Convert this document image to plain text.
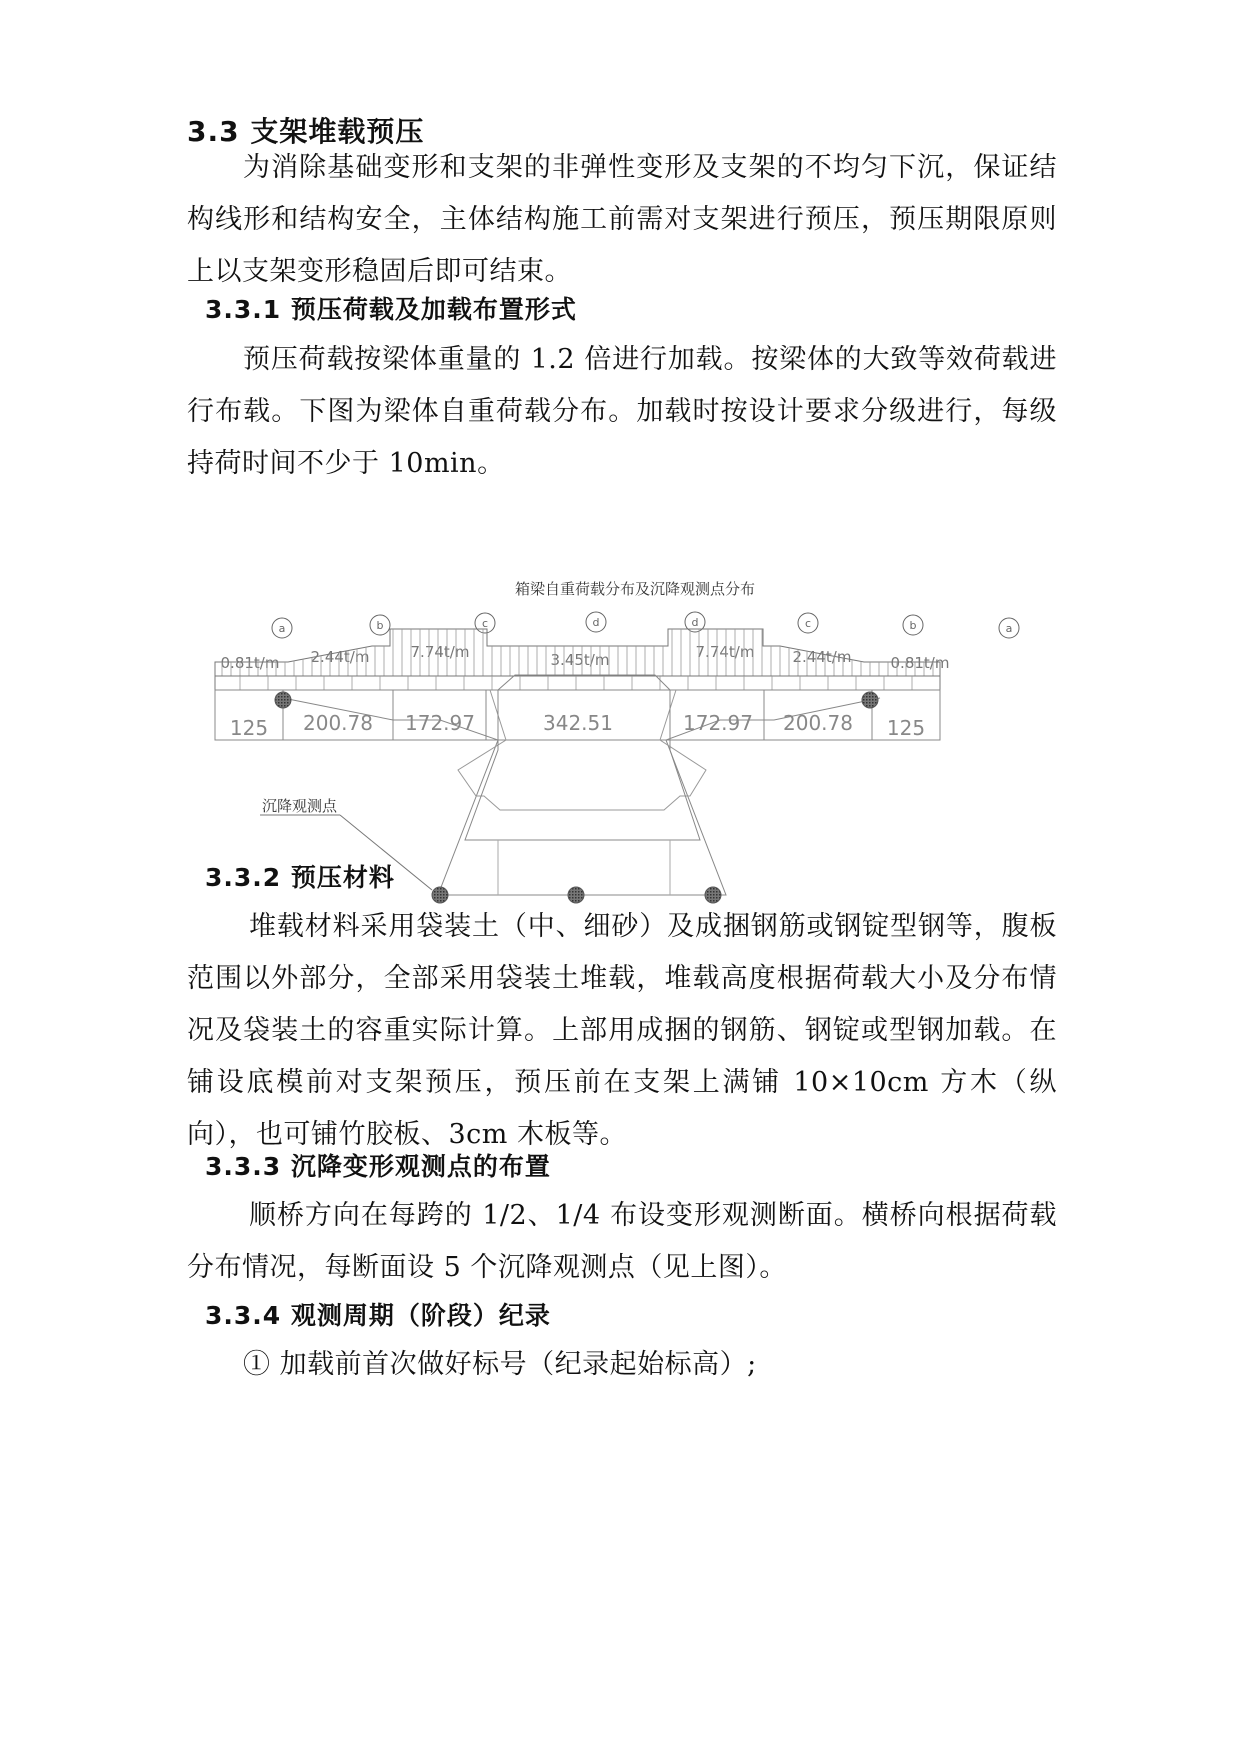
3.3 支架堆载预压
为消除基础变形和支架的非弹性变形及支架的不均匀下沉，保证结构线形和结构安全，主体结构施工前需对支架进行预压，预压期限原则上以支架变形稳固后即可结束。
3.3.1 预压荷载及加载布置形式
预压荷载按梁体重量的 1.2 倍进行加载。按梁体的大致等效荷载进行布载。下图为梁体自重荷载分布。加载时按设计要求分级进行，每级持荷时间不少于 10min。
箱梁自重荷载分布及沉降观测点分布
a	b	c	d	d	c	b	a
0.81t/m 2.44t/m	7.74t/m	3.45t/m	7.74t/m	2.44t/m	0.81t/m
125 200.78 172.97	342.51	172.97 200.78 125
沉降观测点
3.3.2 预压材料
堆载材料采用袋装土（中、细砂）及成捆钢筋或钢锭型钢等，腹板范围以外部分，全部采用袋装土堆载，堆载高度根据荷载大小及分布情况及袋装土的容重实际计算。上部用成捆的钢筋、钢锭或型钢加载。在铺设底模前对支架预压，预压前在支架上满铺 10×10cm 方木（纵向），也可铺竹胶板、3cm 木板等。
3.3.3 沉降变形观测点的布置
顺桥方向在每跨的 1/2、1/4 布设变形观测断面。横桥向根据荷载分布情况，每断面设 5 个沉降观测点（见上图）。
3.3.4 观测周期（阶段）纪录
① 加载前首次做好标号（纪录起始标高）;
